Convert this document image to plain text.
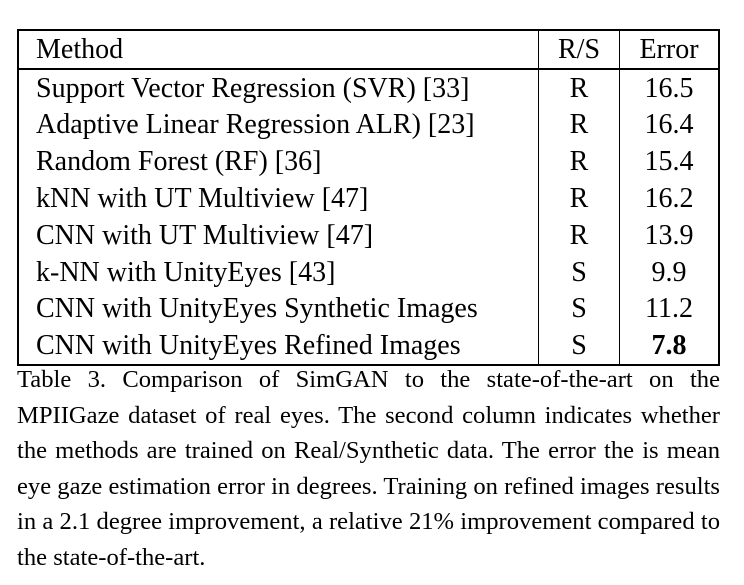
Method	R/S	Error
Support Vector Regression (SVR) [33]	R	16.5
Adaptive Linear Regression ALR) [23]	R	16.4
Random Forest (RF) [36]	R	15.4
kNN with UT Multiview [47]	R	16.2
CNN with UT Multiview [47]	R	13.9
k-NN with UnityEyes [43]	S	9.9
CNN with UnityEyes Synthetic Images	S	11.2
CNN with UnityEyes Refined Images	S	7.8

Table 3. Comparison of SimGAN to the state-of-the-art on the MPIIGaze dataset of real eyes. The second column indicates whether the methods are trained on Real/Synthetic data. The error the is mean eye gaze estimation error in degrees. Training on refined images results in a 2.1 degree improvement, a relative 21% improvement compared to the state-of-the-art.
